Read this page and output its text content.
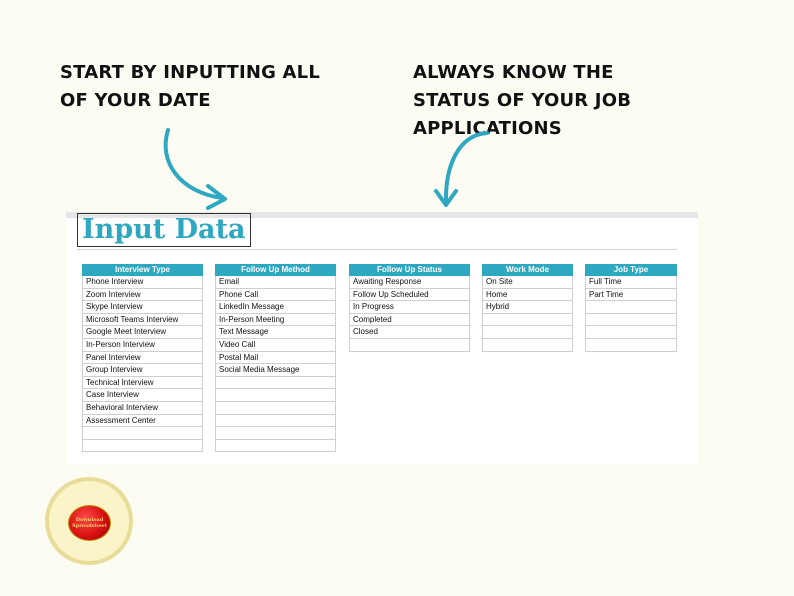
START BY INPUTTING ALL
OF YOUR DATE
ALWAYS KNOW THE
STATUS OF YOUR JOB
APPLICATIONS
Input Data
Interview Type
Phone Interview
Zoom Interview
Skype Interview
Microsoft Teams Interview
Google Meet Interview
In-Person Interview
Panel Interview
Group Interview
Technical Interview
Case Interview
Behavioral Interview
Assessment Center
Follow Up Method
Email
Phone Call
LinkedIn Message
In-Person Meeting
Text Message
Video Call
Postal Mail
Social Media Message
Follow Up Status
Awaiting Response
Follow Up Scheduled
In Progress
Completed
Closed
Work Mode
On Site
Home
Hybrid
Job Type
Full Time
Part Time
Download
Spreadsheet
